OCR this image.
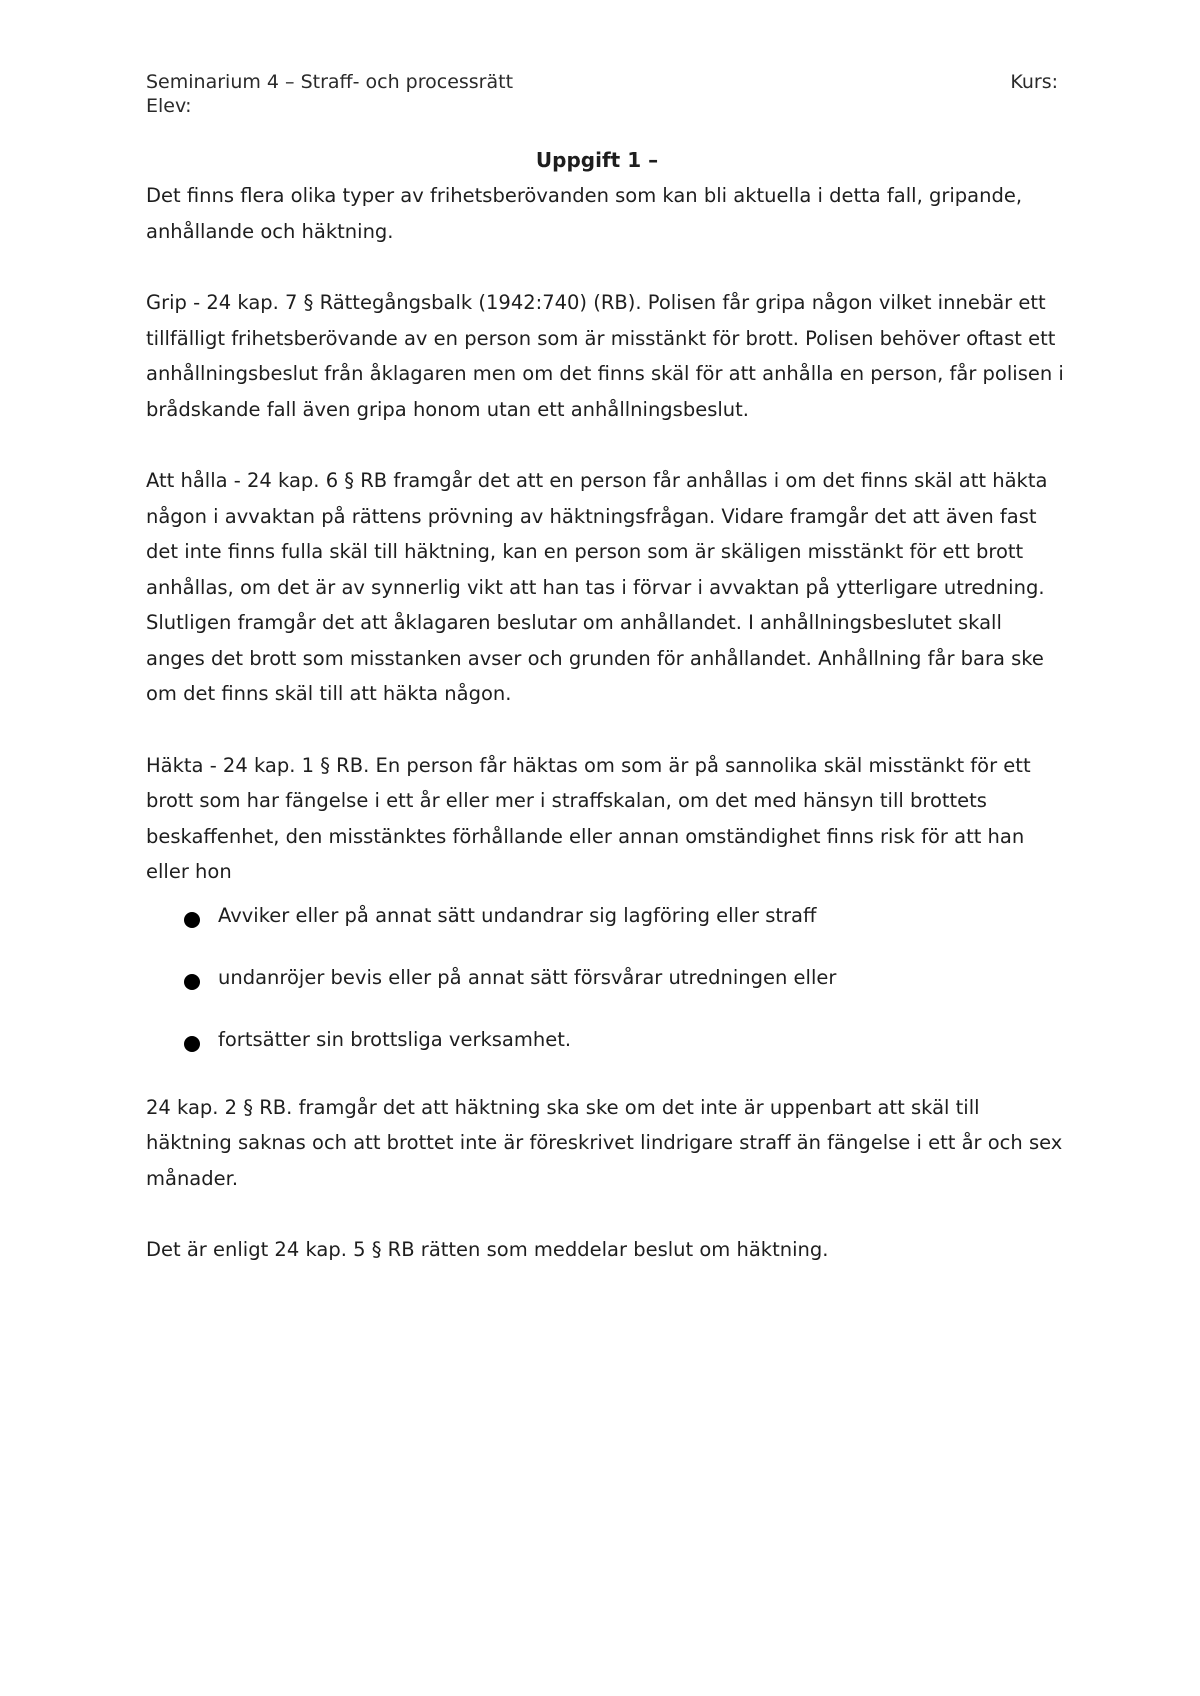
Seminarium 4 – Straff- och processrätt	Kurs:
Elev:
Uppgift 1 –

Det finns flera olika typer av frihetsberövanden som kan bli aktuella i detta fall, gripande, anhållande och häktning.

Grip - 24 kap. 7 § Rättegångsbalk (1942:740) (RB). Polisen får gripa någon vilket innebär ett tillfälligt frihetsberövande av en person som är misstänkt för brott. Polisen behöver oftast ett anhållningsbeslut från åklagaren men om det finns skäl för att anhålla en person, får polisen i brådskande fall även gripa honom utan ett anhållningsbeslut.

Att hålla - 24 kap. 6 § RB framgår det att en person får anhållas i om det finns skäl att häkta någon i avvaktan på rättens prövning av häktningsfrågan. Vidare framgår det att även fast det inte finns fulla skäl till häktning, kan en person som är skäligen misstänkt för ett brott anhållas, om det är av synnerlig vikt att han tas i förvar i avvaktan på ytterligare utredning. Slutligen framgår det att åklagaren beslutar om anhållandet. I anhållningsbeslutet skall anges det brott som misstanken avser och grunden för anhållandet. Anhållning får bara ske om det finns skäl till att häkta någon.

Häkta - 24 kap. 1 § RB. En person får häktas om som är på sannolika skäl misstänkt för ett brott som har fängelse i ett år eller mer i straffskalan, om det med hänsyn till brottets beskaffenhet, den misstänktes förhållande eller annan omständighet finns risk för att han eller hon

Avviker eller på annat sätt undandrar sig lagföring eller straff
undanröjer bevis eller på annat sätt försvårar utredningen eller
fortsätter sin brottsliga verksamhet.

24 kap. 2 § RB. framgår det att häktning ska ske om det inte är uppenbart att skäl till häktning saknas och att brottet inte är föreskrivet lindrigare straff än fängelse i ett år och sex månader.

Det är enligt 24 kap. 5 § RB rätten som meddelar beslut om häktning.
